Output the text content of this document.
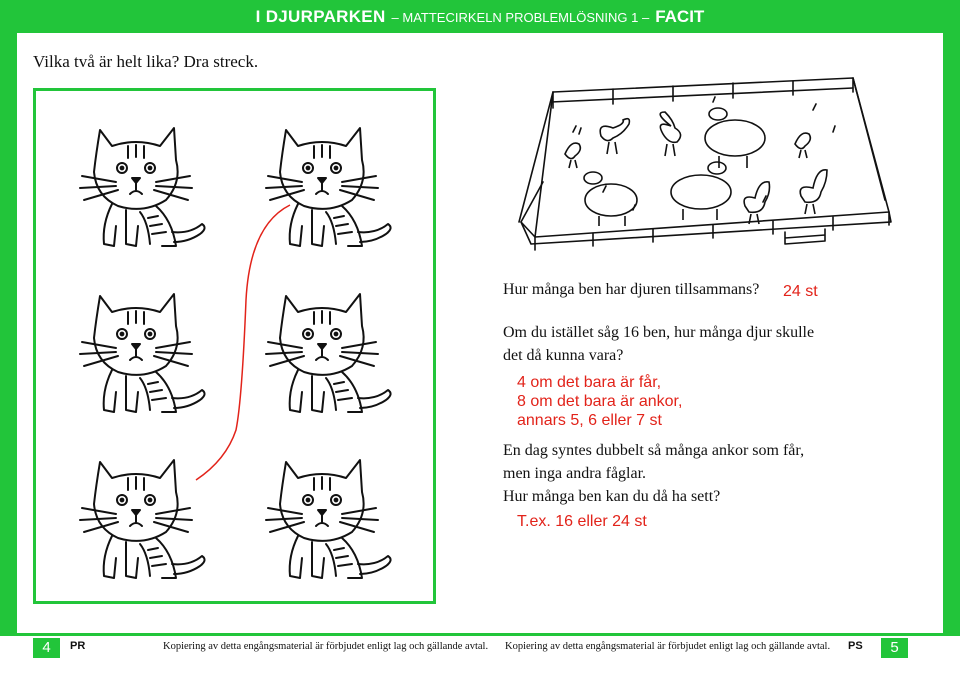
I DJURPARKEN – MATTECIRKELN PROBLEMLÖSNING 1 – FACIT
Vilka två är helt lika? Dra streck.
Hur många ben har djuren tillsammans? 24 st
Om du istället såg 16 ben, hur många djur skulle
det då kunna vara?
4 om det bara är får,
8 om det bara är ankor,
annars 5, 6 eller 7 st
En dag syntes dubbelt så många ankor som får,
men inga andra fåglar.
Hur många ben kan du då ha sett?
T.ex. 16 eller 24 st
4	PR	Kopiering av detta engångsmaterial är förbjudet enligt lag och gällande avtal. Kopiering av detta engångsmaterial är förbjudet enligt lag och gällande avtal. PS	5
